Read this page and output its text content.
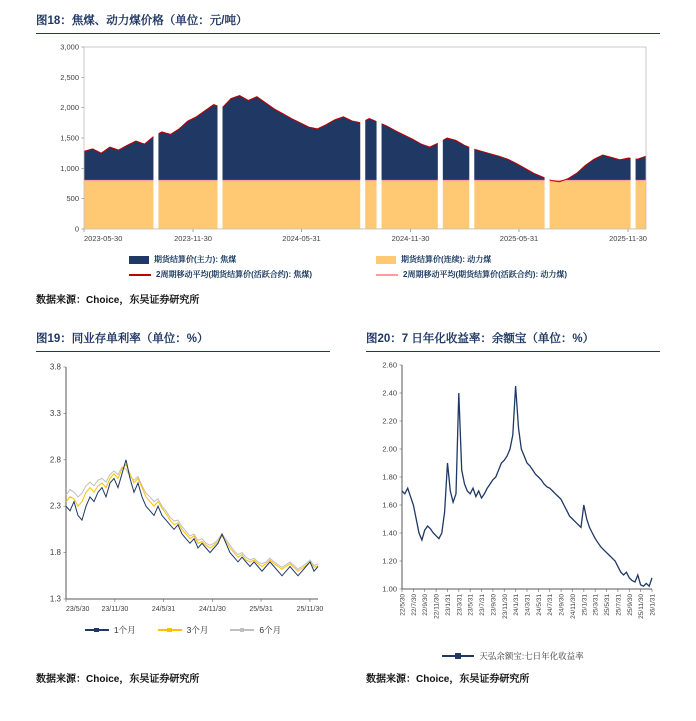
图18：焦煤、动力煤价格（单位：元/吨）
0
500
1,000
1,500
2,000
2,500
3,000
2023-05-30	2023-11-30	2024-05-31	2024-11-30	2025-05-31	2025-11-30
期货结算价(主力): 焦煤	期货结算价(连续): 动力煤
2周期移动平均(期货结算价(活跃合约): 焦煤)	2周期移动平均(期货结算价(活跃合约): 动力煤)

数据来源：Choice，东吴证券研究所

图19：同业存单利率（单位：%）
1.3
1.8
2.3
2.8
3.3
3.8
23/5/30 23/11/30	24/5/31	24/11/30	25/5/31	25/11/30
1个月	3个月	6个月

数据来源：Choice，东吴证券研究所

图20：7 日年化收益率：余额宝（单位：%）
1.00
1.20
1.40
1.60
1.80
2.00
2.20
2.40
2.60
22/5/30 22/7/30 22/9/30 22/11/30 23/1/31 23/3/31 23/5/31 23/7/31 23/9/30 23/11/30 24/1/31 24/3/31 24/5/31 24/7/31 24/9/30 24/11/30 25/1/31 25/3/31 25/5/31 25/7/31 25/9/30 25/11/30 26/1/31
天弘余额宝:七日年化收益率

数据来源：Choice，东吴证券研究所
